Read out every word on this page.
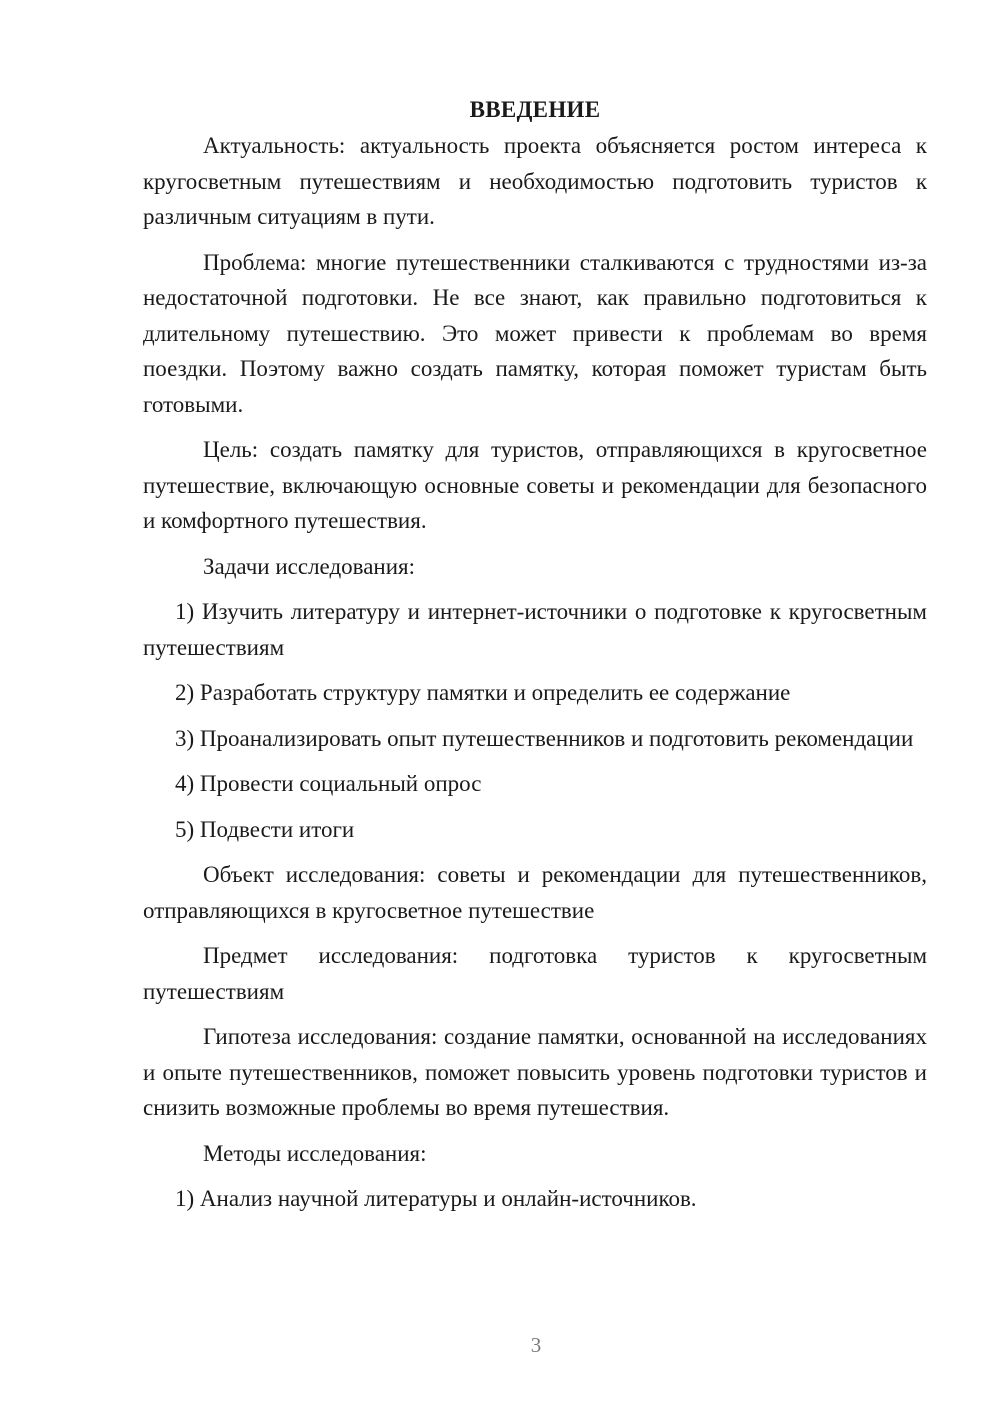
ВВЕДЕНИЕ

Актуальность: актуальность проекта объясняется ростом интереса к кругосветным путешествиям и необходимостью подготовить туристов к различным ситуациям в пути.

Проблема: многие путешественники сталкиваются с трудностями из-за недостаточной подготовки. Не все знают, как правильно подготовиться к длительному путешествию. Это может привести к проблемам во время поездки. Поэтому важно создать памятку, которая поможет туристам быть готовыми.

Цель: создать памятку для туристов, отправляющихся в кругосветное путешествие, включающую основные советы и рекомендации для безопасного и комфортного путешествия.

Задачи исследования:

1) Изучить литературу и интернет-источники о подготовке к кругосветным путешествиям

2) Разработать структуру памятки и определить ее содержание

3) Проанализировать опыт путешественников и подготовить рекомендации

4) Провести социальный опрос

5) Подвести итоги

Объект исследования: советы и рекомендации для путешественников, отправляющихся в кругосветное путешествие

Предмет исследования: подготовка туристов к кругосветным путешествиям

Гипотеза исследования: создание памятки, основанной на исследованиях и опыте путешественников, поможет повысить уровень подготовки туристов и снизить возможные проблемы во время путешествия.

Методы исследования:

1) Анализ научной литературы и онлайн-источников.

3
